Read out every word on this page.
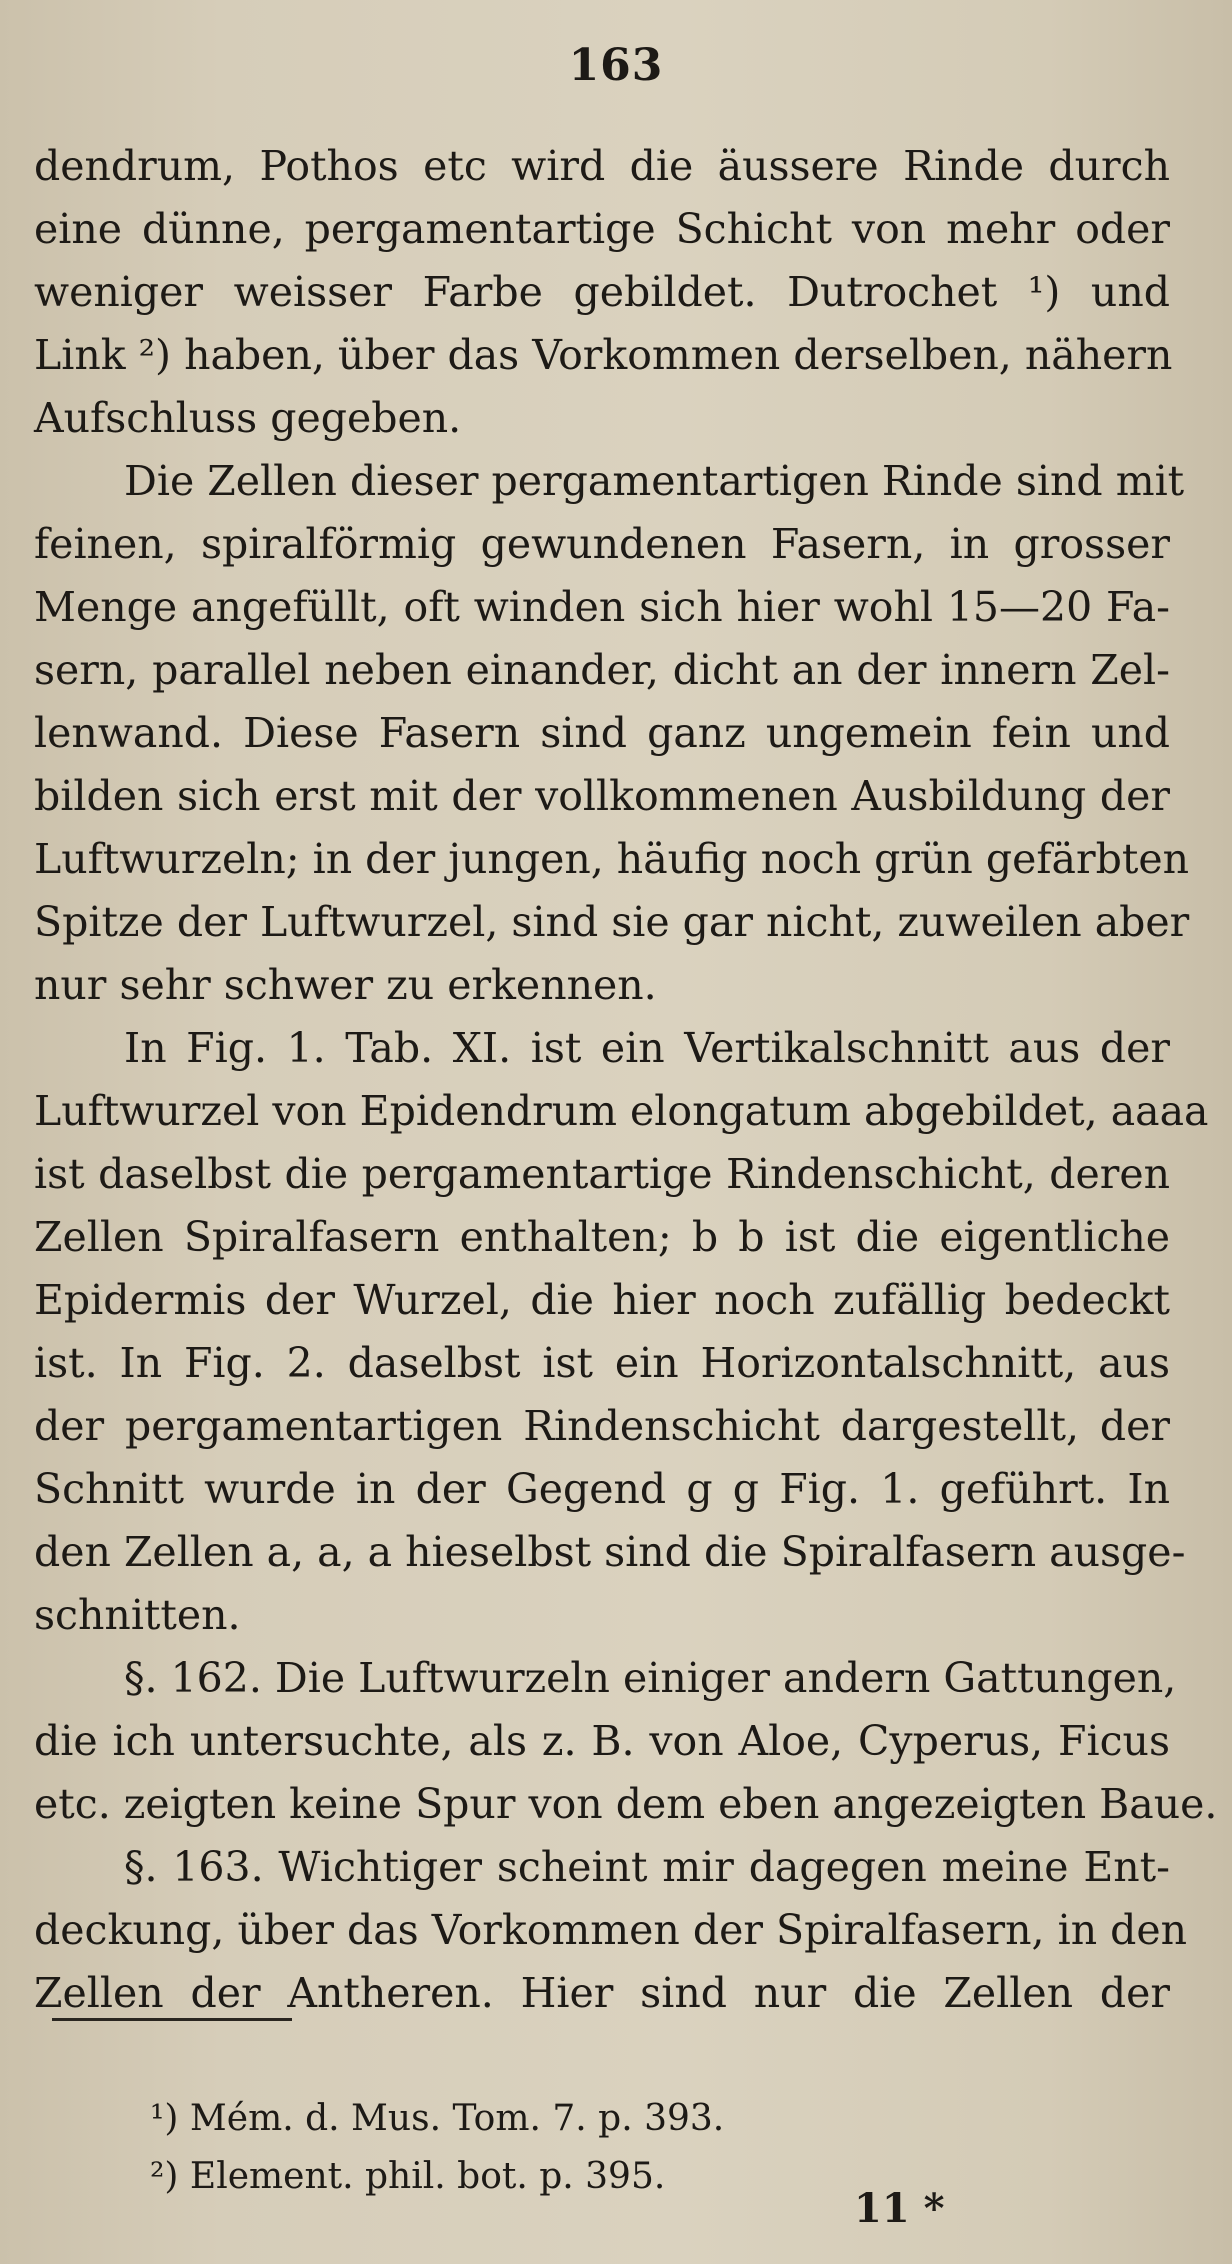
163
dendrum, Pothos etc wird die äussere Rinde durch
eine dünne, pergamentartige Schicht von mehr oder
weniger weisser Farbe gebildet. Dutrochet ¹) und
Link ²) haben, über das Vorkommen derselben, nähern
Aufschluss gegeben.
Die Zellen dieser pergamentartigen Rinde sind mit
feinen, spiralförmig gewundenen Fasern, in grosser
Menge angefüllt, oft winden sich hier wohl 15—20 Fa-
sern, parallel neben einander, dicht an der innern Zel-
lenwand. Diese Fasern sind ganz ungemein fein und
bilden sich erst mit der vollkommenen Ausbildung der
Luftwurzeln; in der jungen, häufig noch grün gefärbten
Spitze der Luftwurzel, sind sie gar nicht, zuweilen aber
nur sehr schwer zu erkennen.
In Fig. 1. Tab. XI. ist ein Vertikalschnitt aus der
Luftwurzel von Epidendrum elongatum abgebildet, aaaa
ist daselbst die pergamentartige Rindenschicht, deren
Zellen Spiralfasern enthalten; b b ist die eigentliche
Epidermis der Wurzel, die hier noch zufällig bedeckt
ist. In Fig. 2. daselbst ist ein Horizontalschnitt, aus
der pergamentartigen Rindenschicht dargestellt, der
Schnitt wurde in der Gegend g g Fig. 1. geführt. In
den Zellen a, a, a hieselbst sind die Spiralfasern ausge-
schnitten.
§. 162. Die Luftwurzeln einiger andern Gattungen,
die ich untersuchte, als z. B. von Aloe, Cyperus, Ficus
etc. zeigten keine Spur von dem eben angezeigten Baue.
§. 163. Wichtiger scheint mir dagegen meine Ent-
deckung, über das Vorkommen der Spiralfasern, in den
Zellen der Antheren. Hier sind nur die Zellen der
¹) Mém. d. Mus. Tom. 7. p. 393.
²) Element. phil. bot. p. 395.
11 *
